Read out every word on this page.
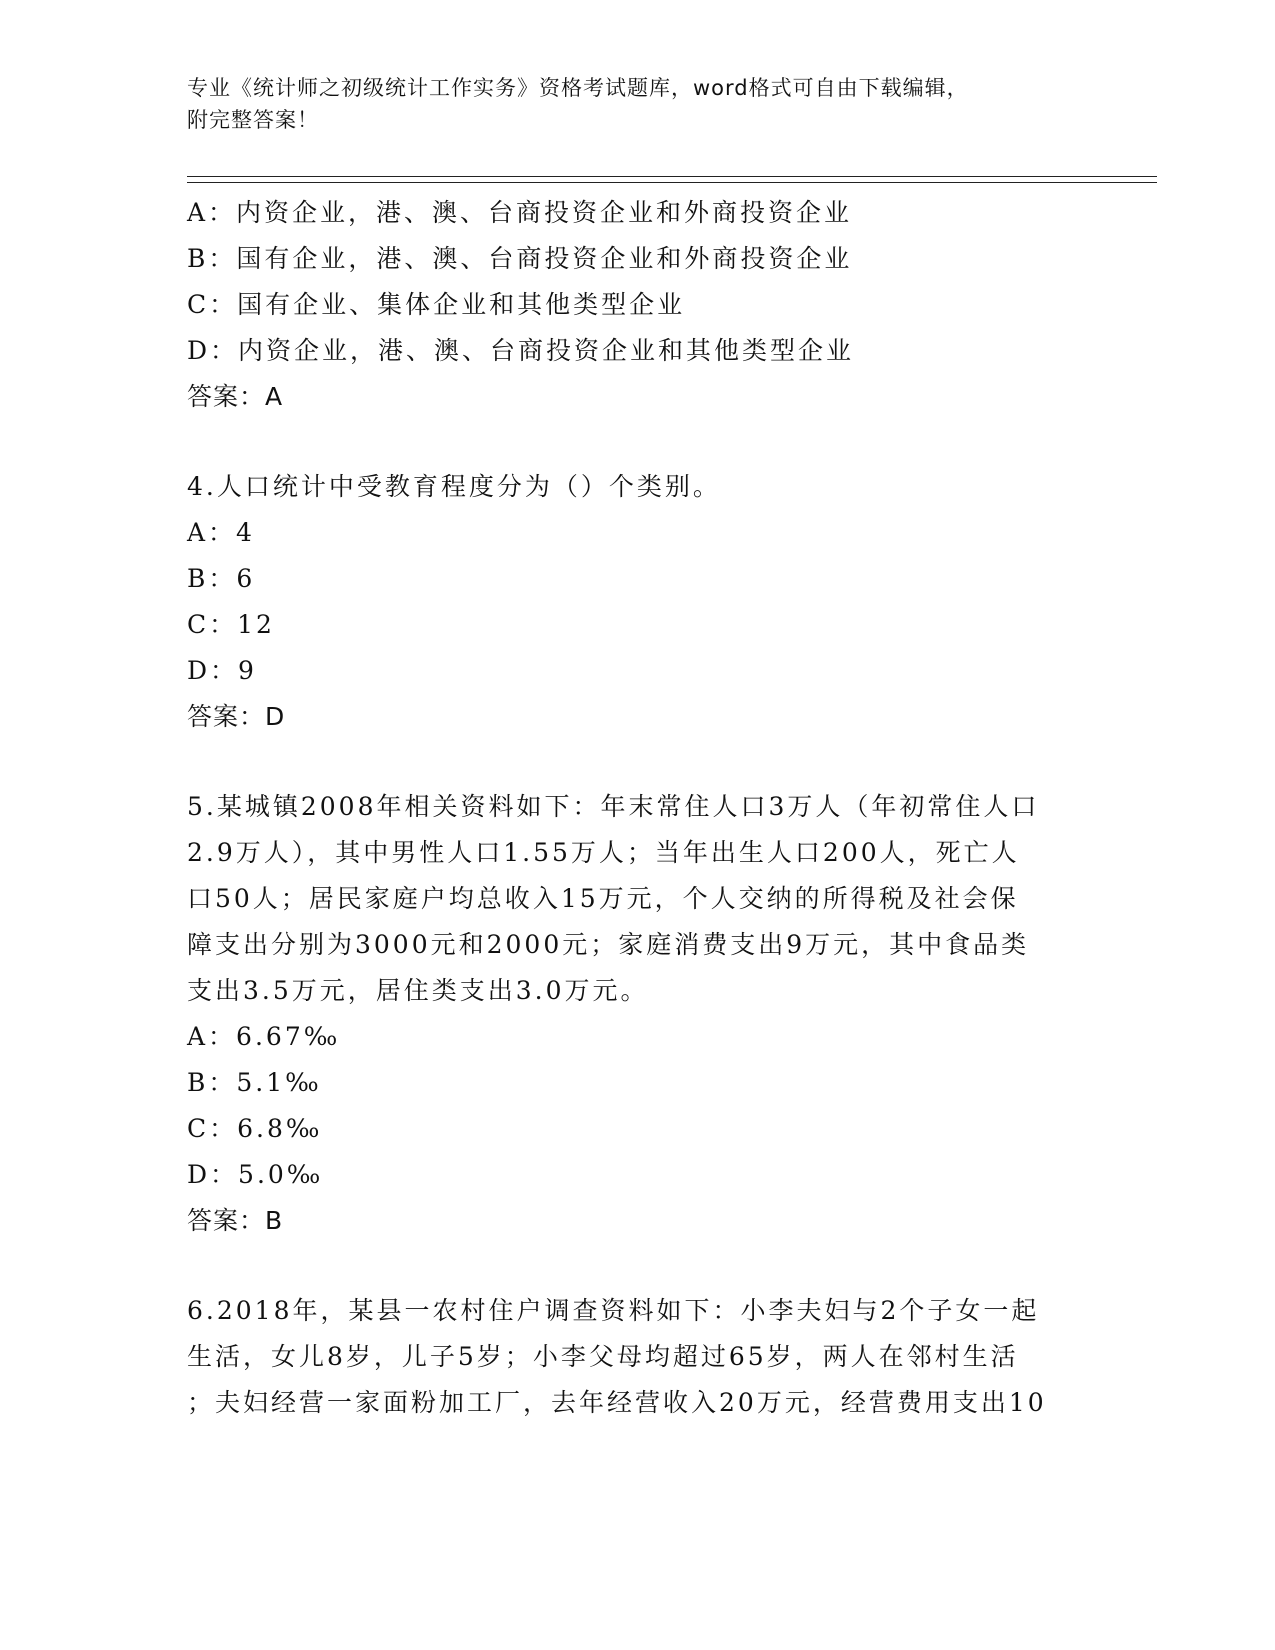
专业《统计师之初级统计工作实务》资格考试题库，word格式可自由下载编辑，
附完整答案！
A：内资企业，港、澳、台商投资企业和外商投资企业
B：国有企业，港、澳、台商投资企业和外商投资企业
C：国有企业、集体企业和其他类型企业
D：内资企业，港、澳、台商投资企业和其他类型企业
答案：A
4.人口统计中受教育程度分为（）个类别。
A：4
B：6
C：12
D：9
答案：D
5.某城镇2008年相关资料如下：年末常住人口3万人（年初常住人口
2.9万人），其中男性人口1.55万人；当年出生人口200人，死亡人
口50人；居民家庭户均总收入15万元，个人交纳的所得税及社会保
障支出分别为3000元和2000元；家庭消费支出9万元，其中食品类
支出3.5万元，居住类支出3.0万元。
A：6.67‰
B：5.1‰
C：6.8‰
D：5.0‰
答案：B
6.2018年，某县一农村住户调查资料如下：小李夫妇与2个子女一起
生活，女儿8岁，儿子5岁；小李父母均超过65岁，两人在邻村生活
；夫妇经营一家面粉加工厂，去年经营收入20万元，经营费用支出10
